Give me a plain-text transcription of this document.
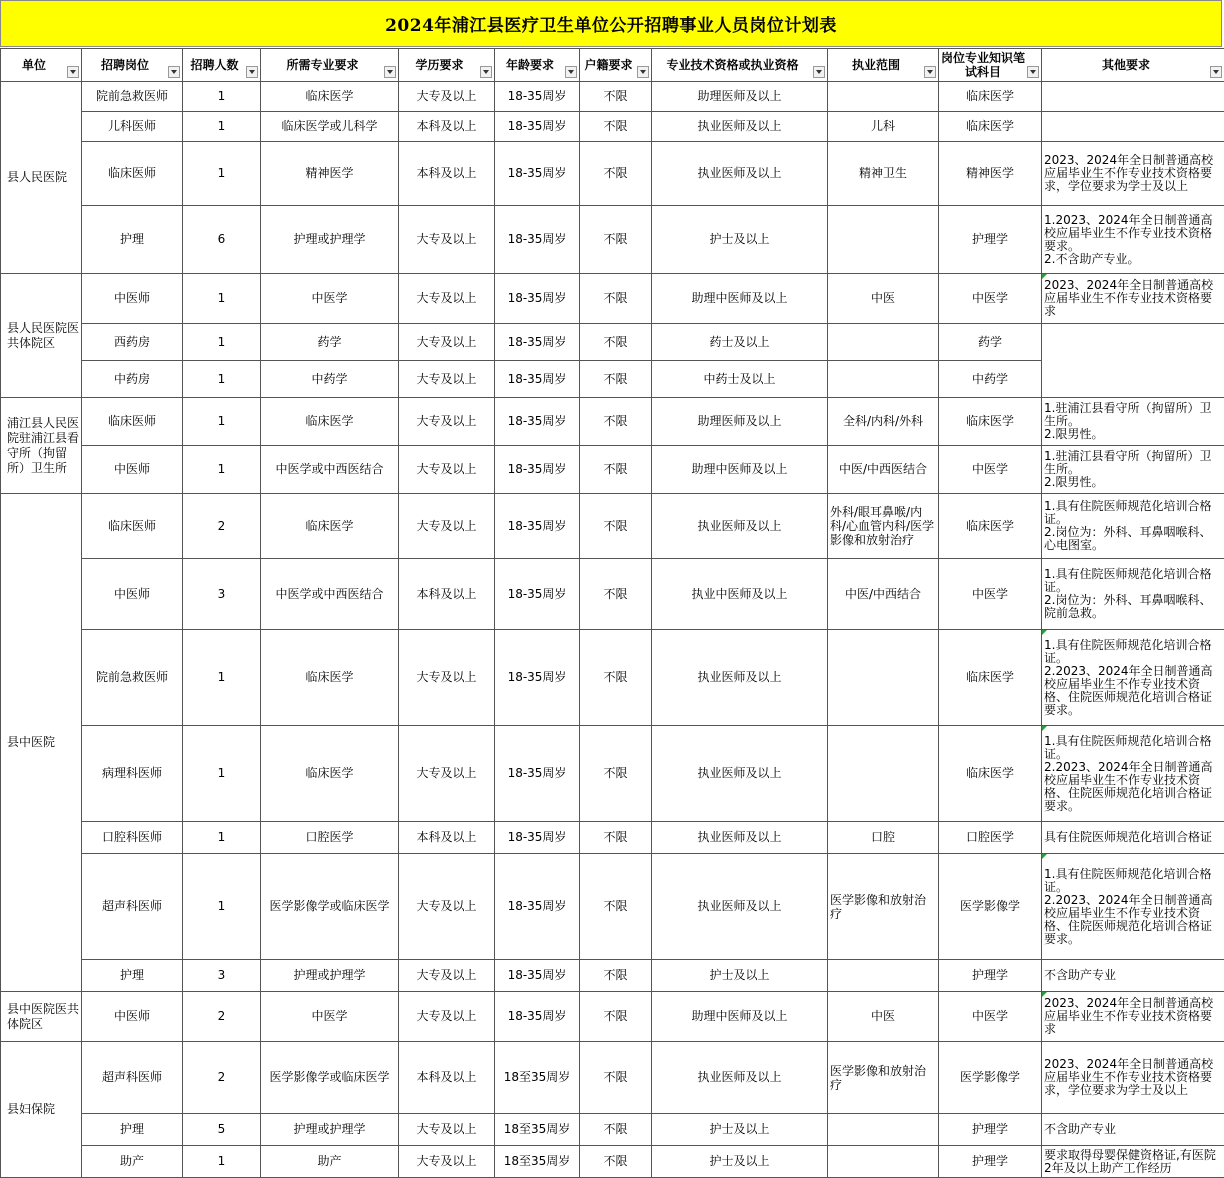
2024年浦江县医疗卫生单位公开招聘事业人员岗位计划表
单位	招聘岗位	招聘人数	所需专业要求	学历要求	年龄要求	户籍要求	专业技术资格或执业资格	执业范围	岗位专业知识笔试科目	其他要求

县人民医院	院前急救医师	1	临床医学	大专及以上	18-35周岁	不限	助理医师及以上		临床医学	
	儿科医师	1	临床医学或儿科学	本科及以上	18-35周岁	不限	执业医师及以上	儿科	临床医学	
	临床医师	1	精神医学	本科及以上	18-35周岁	不限	执业医师及以上	精神卫生	精神医学	2023、2024年全日制普通高校应届毕业生不作专业技术资格要求，学位要求为学士及以上
	护理	6	护理或护理学	大专及以上	18-35周岁	不限	护士及以上		护理学	1.2023、2024年全日制普通高校应届毕业生不作专业技术资格要求。
2.不含助产专业。
县人民医院医共体院区	中医师	1	中医学	大专及以上	18-35周岁	不限	助理中医师及以上	中医	中医学	2023、2024年全日制普通高校应届毕业生不作专业技术资格要求
	西药房	1	药学	大专及以上	18-35周岁	不限	药士及以上		药学	
	中药房	1	中药学	大专及以上	18-35周岁	不限	中药士及以上		中药学	
浦江县人民医院驻浦江县看守所（拘留所）卫生所	临床医师	1	临床医学	大专及以上	18-35周岁	不限	助理医师及以上	全科/内科/外科	临床医学	1.驻浦江县看守所（拘留所）卫生所。
2.限男性。
	中医师	1	中医学或中西医结合	大专及以上	18-35周岁	不限	助理中医师及以上	中医/中西医结合	中医学	1.驻浦江县看守所（拘留所）卫生所。
2.限男性。
县中医院	临床医师	2	临床医学	大专及以上	18-35周岁	不限	执业医师及以上	外科/眼耳鼻喉/内科/心血管内科/医学影像和放射治疗	临床医学	1.具有住院医师规范化培训合格证。
2.岗位为：外科、耳鼻咽喉科、心电图室。
	中医师	3	中医学或中西医结合	本科及以上	18-35周岁	不限	执业中医师及以上	中医/中西结合	中医学	1.具有住院医师规范化培训合格证。
2.岗位为：外科、耳鼻咽喉科、院前急救。
	院前急救医师	1	临床医学	大专及以上	18-35周岁	不限	执业医师及以上		临床医学	1.具有住院医师规范化培训合格证。
2.2023、2024年全日制普通高校应届毕业生不作专业技术资格、住院医师规范化培训合格证要求。
	病理科医师	1	临床医学	大专及以上	18-35周岁	不限	执业医师及以上		临床医学	1.具有住院医师规范化培训合格证。
2.2023、2024年全日制普通高校应届毕业生不作专业技术资格、住院医师规范化培训合格证要求。
	口腔科医师	1	口腔医学	本科及以上	18-35周岁	不限	执业医师及以上	口腔	口腔医学	具有住院医师规范化培训合格证
	超声科医师	1	医学影像学或临床医学	大专及以上	18-35周岁	不限	执业医师及以上	医学影像和放射治疗	医学影像学	1.具有住院医师规范化培训合格证。
2.2023、2024年全日制普通高校应届毕业生不作专业技术资格、住院医师规范化培训合格证要求。
	护理	3	护理或护理学	大专及以上	18-35周岁	不限	护士及以上		护理学	不含助产专业
县中医院医共体院区	中医师	2	中医学	大专及以上	18-35周岁	不限	助理中医师及以上	中医	中医学	2023、2024年全日制普通高校应届毕业生不作专业技术资格要求
县妇保院	超声科医师	2	医学影像学或临床医学	本科及以上	18至35周岁	不限	执业医师及以上	医学影像和放射治疗	医学影像学	2023、2024年全日制普通高校应届毕业生不作专业技术资格要求，学位要求为学士及以上
	护理	5	护理或护理学	大专及以上	18至35周岁	不限	护士及以上		护理学	不含助产专业
	助产	1	助产	大专及以上	18至35周岁	不限	护士及以上		护理学	要求取得母婴保健资格证,有医院2年及以上助产工作经历
